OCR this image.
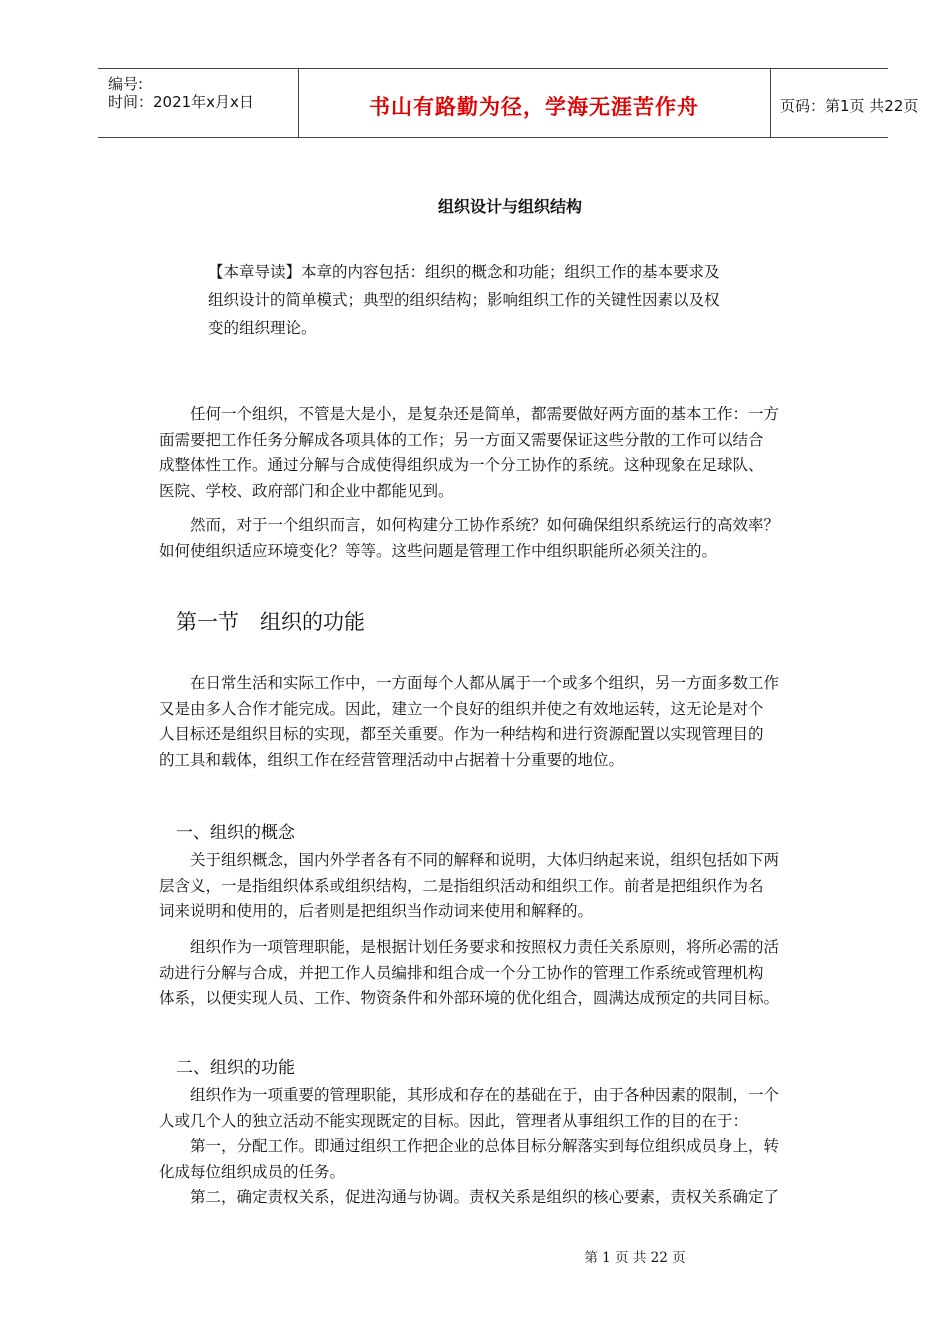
编号:
时间：2021年x月x日	书山有路勤为径，学海无涯苦作舟	页码：第1页 共22页
组织设计与组织结构

【本章导读】本章的内容包括：组织的概念和功能；组织工作的基本要求及

组织设计的简单模式；典型的组织结构；影响组织工作的关键性因素以及权

变的组织理论。

　　任何一个组织，不管是大是小，是复杂还是简单，都需要做好两方面的基本工作：一方
面需要把工作任务分解成各项具体的工作；另一方面又需要保证这些分散的工作可以结合
成整体性工作。通过分解与合成使得组织成为一个分工协作的系统。这种现象在足球队、
医院、学校、政府部门和企业中都能见到。
　　然而，对于一个组织而言，如何构建分工协作系统？如何确保组织系统运行的高效率？
如何使组织适应环境变化？等等。这些问题是管理工作中组织职能所必须关注的。
第一节　组织的功能
　　在日常生活和实际工作中，一方面每个人都从属于一个或多个组织，另一方面多数工作
又是由多人合作才能完成。因此，建立一个良好的组织并使之有效地运转，这无论是对个
人目标还是组织目标的实现，都至关重要。作为一种结构和进行资源配置以实现管理目的
的工具和载体，组织工作在经营管理活动中占据着十分重要的地位。
一、组织的概念
　　关于组织概念，国内外学者各有不同的解释和说明，大体归纳起来说，组织包括如下两
层含义，一是指组织体系或组织结构，二是指组织活动和组织工作。前者是把组织作为名
词来说明和使用的，后者则是把组织当作动词来使用和解释的。
　　组织作为一项管理职能，是根据计划任务要求和按照权力责任关系原则，将所必需的活
动进行分解与合成，并把工作人员编排和组合成一个分工协作的管理工作系统或管理机构
体系，以便实现人员、工作、物资条件和外部环境的优化组合，圆满达成预定的共同目标。
二、组织的功能
　　组织作为一项重要的管理职能，其形成和存在的基础在于，由于各种因素的限制，一个
人或几个人的独立活动不能实现既定的目标。因此，管理者从事组织工作的目的在于：
　　第一，分配工作。即通过组织工作把企业的总体目标分解落实到每位组织成员身上，转
化成每位组织成员的任务。
　　第二，确定责权关系，促进沟通与协调。责权关系是组织的核心要素，责权关系确定了
第 1 页 共 22 页
